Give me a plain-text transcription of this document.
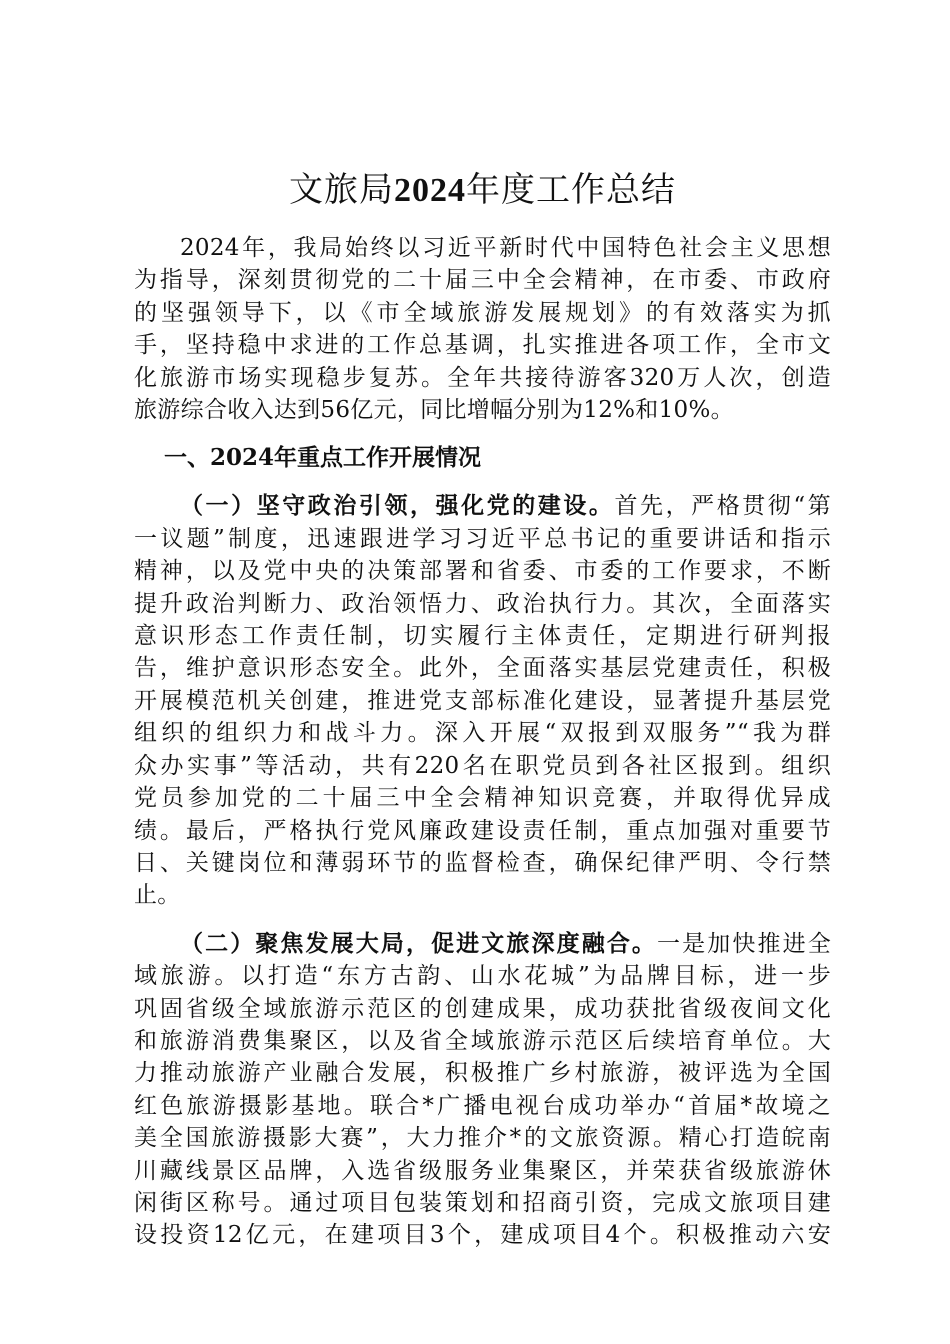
文旅局2024年度工作总结
2024年，我局始终以习近平新时代中国特色社会主义思想
为指导，深刻贯彻党的二十届三中全会精神，在市委、市政府
的坚强领导下，以《市全域旅游发展规划》的有效落实为抓
手，坚持稳中求进的工作总基调，扎实推进各项工作，全市文
化旅游市场实现稳步复苏。全年共接待游客320万人次，创造
旅游综合收入达到56亿元，同比增幅分别为12%和10%。
一、2024年重点工作开展情况
（一）坚守政治引领，强化党的建设。首先，严格贯彻“第
一议题”制度，迅速跟进学习习近平总书记的重要讲话和指示
精神，以及党中央的决策部署和省委、市委的工作要求，不断
提升政治判断力、政治领悟力、政治执行力。其次，全面落实
意识形态工作责任制，切实履行主体责任，定期进行研判报
告，维护意识形态安全。此外，全面落实基层党建责任，积极
开展模范机关创建，推进党支部标准化建设，显著提升基层党
组织的组织力和战斗力。深入开展“双报到双服务”“我为群
众办实事”等活动，共有220名在职党员到各社区报到。组织
党员参加党的二十届三中全会精神知识竞赛，并取得优异成
绩。最后，严格执行党风廉政建设责任制，重点加强对重要节
日、关键岗位和薄弱环节的监督检查，确保纪律严明、令行禁
止。
（二）聚焦发展大局，促进文旅深度融合。一是加快推进全
域旅游。以打造“东方古韵、山水花城”为品牌目标，进一步
巩固省级全域旅游示范区的创建成果，成功获批省级夜间文化
和旅游消费集聚区，以及省全域旅游示范区后续培育单位。大
力推动旅游产业融合发展，积极推广乡村旅游，被评选为全国
红色旅游摄影基地。联合*广播电视台成功举办“首届*故境之
美全国旅游摄影大赛”，大力推介*的文旅资源。精心打造皖南
川藏线景区品牌，入选省级服务业集聚区，并荣获省级旅游休
闲街区称号。通过项目包装策划和招商引资，完成文旅项目建
设投资12亿元，在建项目3个，建成项目4个。积极推动六安
